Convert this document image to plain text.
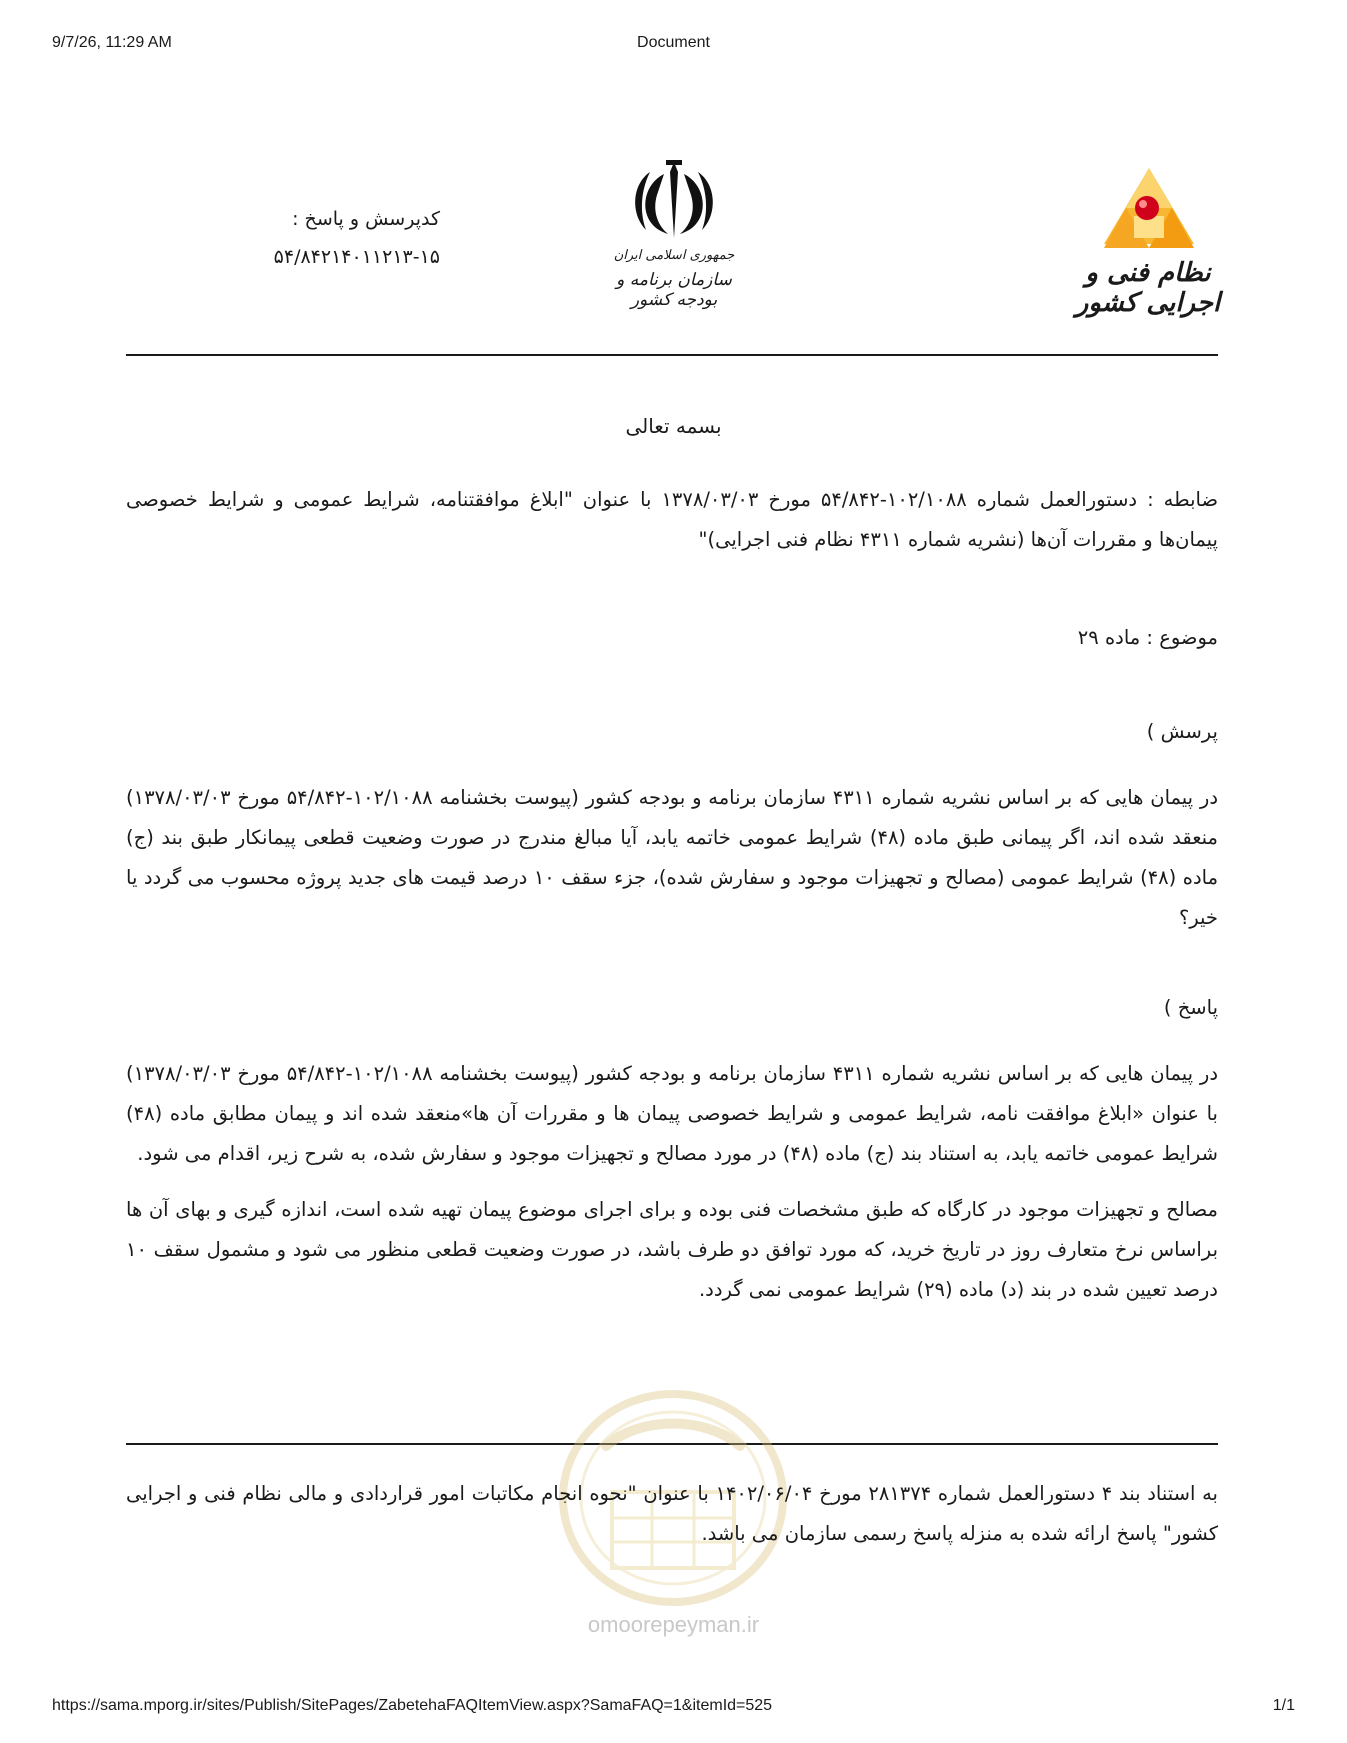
9/7/26, 11:29 AM	Document
نظام فنی و اجرایی کشور
جمهوری اسلامی ایران
سازمان برنامه و بودجه کشور
کدپرسش و پاسخ :
۵۴/۸۴۲۱۴۰۱۱۲۱۳-۱۵
بسمه تعالی

ضابطه : دستورالعمل شماره ۱۰۲/۱۰۸۸-۵۴/۸۴۲ مورخ ۱۳۷۸/۰۳/۰۳ با عنوان "ابلاغ موافقتنامه، شرایط عمومی و شرایط خصوصی پیمان‌ها و مقررات آن‌ها (نشریه شماره ۴۳۱۱ نظام فنی اجرایی)"

موضوع : ماده ۲۹
پرسش )

در پیمان هایی که بر اساس نشریه شماره ۴۳۱۱ سازمان برنامه و بودجه کشور (پیوست بخشنامه ۱۰۲/۱۰۸۸-۵۴/۸۴۲ مورخ ۱۳۷۸/۰۳/۰۳) منعقد شده اند، اگر پیمانی طبق ماده (۴۸) شرایط عمومی خاتمه یابد، آیا مبالغ مندرج در صورت وضعیت قطعی پیمانکار طبق بند (ج) ماده (۴۸) شرایط عمومی (مصالح و تجهیزات موجود و سفارش شده)، جزء سقف ۱۰ درصد قیمت های جدید پروژه محسوب می گردد یا خیر؟

پاسخ )

در پیمان هایی که بر اساس نشریه شماره ۴۳۱۱ سازمان برنامه و بودجه کشور (پیوست بخشنامه ۱۰۲/۱۰۸۸-۵۴/۸۴۲ مورخ ۱۳۷۸/۰۳/۰۳) با عنوان «ابلاغ موافقت نامه، شرایط عمومی و شرایط خصوصی پیمان ها و مقررات آن ها»منعقد شده اند و پیمان مطابق ماده (۴۸) شرایط عمومی خاتمه یابد، به استناد بند (ج) ماده (۴۸) در مورد مصالح و تجهیزات موجود و سفارش شده، به شرح زیر، اقدام می شود.

مصالح و تجهیزات موجود در کارگاه که طبق مشخصات فنی بوده و برای اجرای موضوع پیمان تهیه شده است، اندازه گیری و بهای آن ها براساس نرخ متعارف روز در تاریخ خرید، که مورد توافق دو طرف باشد، در صورت وضعیت قطعی منظور می شود و مشمول سقف ۱۰ درصد تعیین شده در بند (د) ماده (۲۹) شرایط عمومی نمی گردد.

به استناد بند ۴ دستورالعمل شماره ۲۸۱۳۷۴ مورخ ۱۴۰۲/۰۶/۰۴ با عنوان "نحوه انجام مکاتبات امور قراردادی و مالی نظام فنی و اجرایی کشور" پاسخ ارائه شده به منزله پاسخ رسمی سازمان می باشد.

omoorepeyman.ir
https://sama.mporg.ir/sites/Publish/SitePages/ZabetehaFAQItemView.aspx?SamaFAQ=1&itemId=525	1/1
